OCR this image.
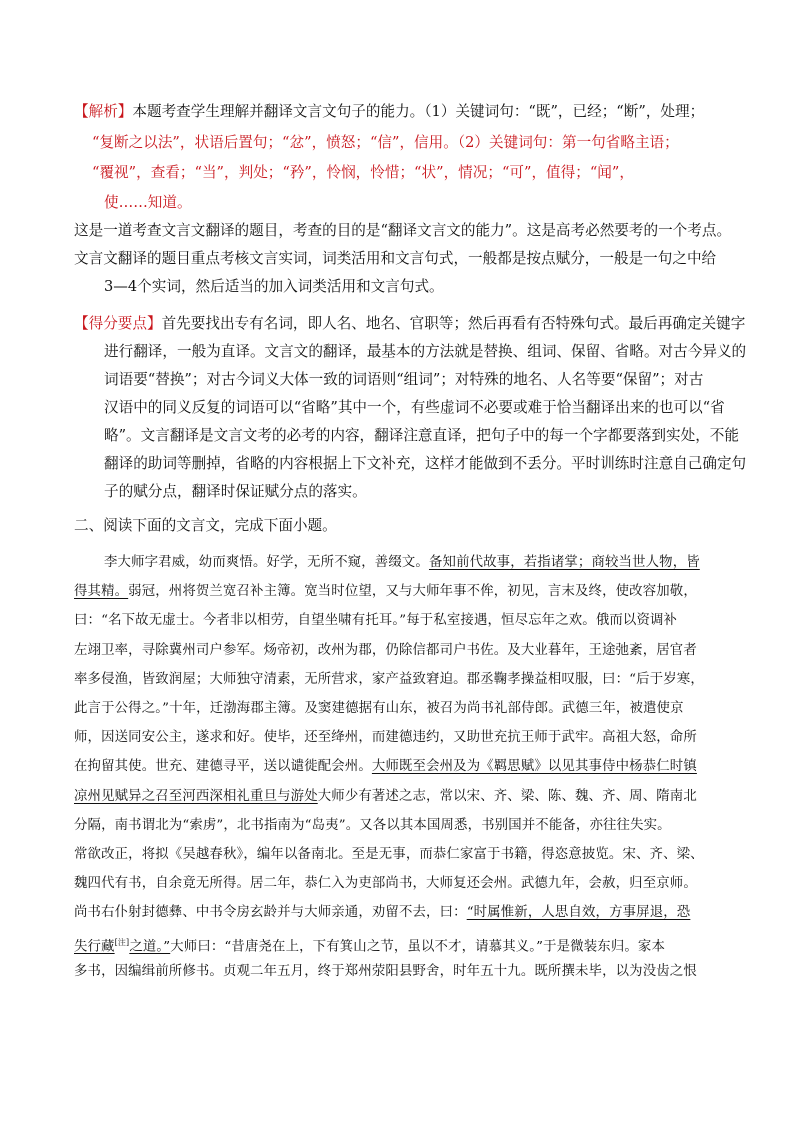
【解析】本题考查学生理解并翻译文言文句子的能力。（1）关键词句：“既”，已经；“断”，处理；
“复断之以法”，状语后置句；“忿”，愤怒；“信”，信用。（2）关键词句：第一句省略主语；
“覆视”，查看；“当”，判处；“矜”，怜悯，怜惜；“状”，情况；“可”，值得；“闻”，
使……知道。
这是一道考查文言文翻译的题目，考查的目的是“翻译文言文的能力”。这是高考必然要考的一个考点。
文言文翻译的题目重点考核文言实词，词类活用和文言句式，一般都是按点赋分，一般是一句之中给
3—4个实词，然后适当的加入词类活用和文言句式。
【得分要点】首先要找出专有名词，即人名、地名、官职等；然后再看有否特殊句式。最后再确定关键字
进行翻译，一般为直译。文言文的翻译，最基本的方法就是替换、组词、保留、省略。对古今异义的
词语要“替换”；对古今词义大体一致的词语则“组词”；对特殊的地名、人名等要“保留”；对古
汉语中的同义反复的词语可以“省略”其中一个，有些虚词不必要或难于恰当翻译出来的也可以“省
略”。文言翻译是文言文考的必考的内容，翻译注意直译，把句子中的每一个字都要落到实处，不能
翻译的助词等删掉，省略的内容根据上下文补充，这样才能做到不丢分。平时训练时注意自己确定句
子的赋分点，翻译时保证赋分点的落实。
二、阅读下面的文言文，完成下面小题。
李大师字君威，幼而爽悟。好学，无所不窥，善缀文。备知前代故事，若指诸掌；商较当世人物，皆
得其精。弱冠，州将贺兰宽召补主簿。宽当时位望，又与大师年事不侔，初见，言末及终，使改容加敬，
曰：“名下故无虚士。今者非以相劳，自望坐啸有托耳。”每于私室接遇，恒尽忘年之欢。俄而以资调补
左翊卫率，寻除冀州司户参军。炀帝初，改州为郡，仍除信都司户书佐。及大业暮年，王途弛紊，居官者
率多侵渔，皆致润屋；大师独守清素，无所营求，家产益致窘迫。郡丞鞠孝操益相叹服，曰：“后于岁寒，
此言于公得之。”十年，迁渤海郡主簿。及窦建德据有山东，被召为尚书礼部侍郎。武德三年，被遣使京
师，因送同安公主，遂求和好。使毕，还至绛州，而建德违约，又助世充抗王师于武牢。高祖大怒，命所
在拘留其使。世充、建德寻平，送以谴徙配会州。大师既至会州及为《羁思赋》以见其事侍中杨恭仁时镇
凉州见赋异之召至河西深相礼重旦与游处大师少有著述之志，常以宋、齐、梁、陈、魏、齐、周、隋南北
分隔，南书谓北为“索虏”，北书指南为“岛夷”。又各以其本国周悉，书别国并不能备，亦往往失实。
常欲改正，将拟《吴越春秋》，编年以备南北。至是无事，而恭仁家富于书籍，得恣意披览。宋、齐、梁、
魏四代有书，自余竟无所得。居二年，恭仁入为吏部尚书，大师复还会州。武德九年，会赦，归至京师。
尚书右仆射封德彝、中书令房玄龄并与大师亲通，劝留不去，曰：“时属惟新，人思自效，方事屏退，恐
失行藏[注]之道。”大师曰：“昔唐尧在上，下有箕山之节，虽以不才，请慕其义。”于是微装东归。家本
多书，因编缉前所修书。贞观二年五月，终于郑州荥阳县野舍，时年五十九。既所撰未毕，以为没齿之恨
